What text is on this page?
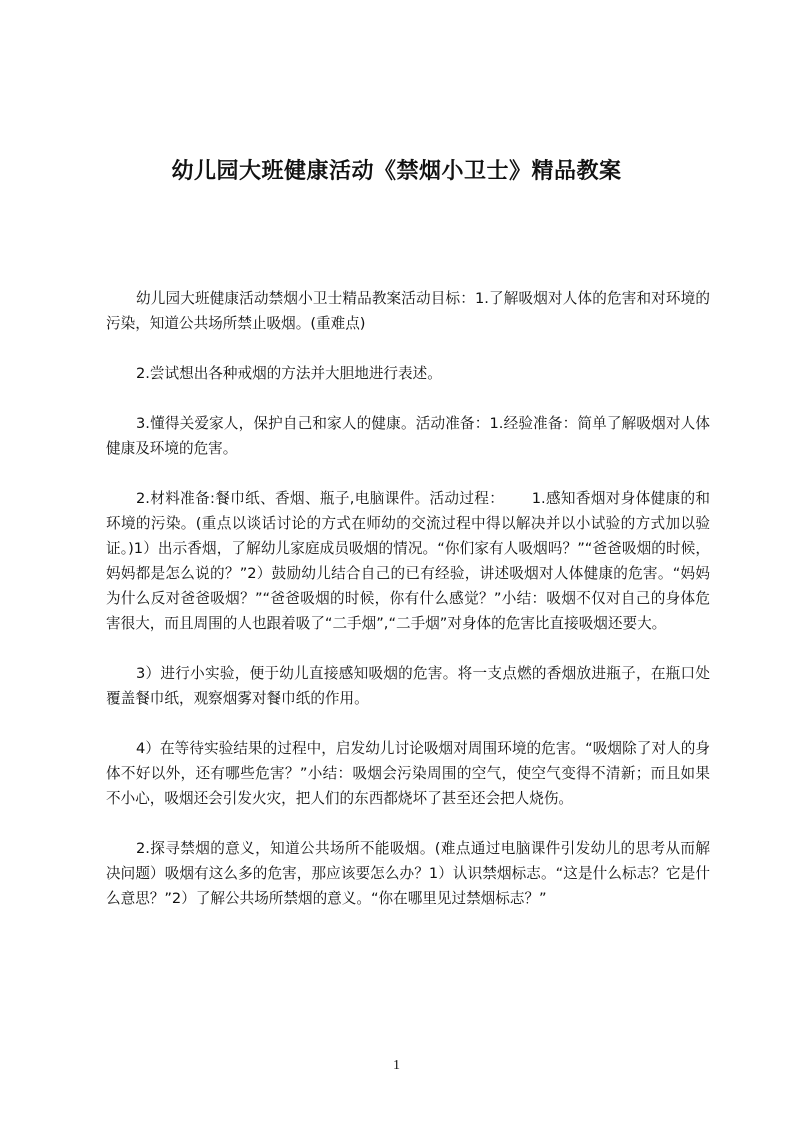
幼儿园大班健康活动《禁烟小卫士》精品教案

幼儿园大班健康活动禁烟小卫士精品教案活动目标：1.了解吸烟对人体的危害和对环境的污染，知道公共场所禁止吸烟。(重难点)

2.尝试想出各种戒烟的方法并大胆地进行表述。

3.懂得关爱家人，保护自己和家人的健康。活动准备：1.经验准备：简单了解吸烟对人体健康及环境的危害。

2.材料准备:餐巾纸、香烟、瓶子,电脑课件。活动过程：　　 1.感知香烟对身体健康的和环境的污染。(重点以谈话讨论的方式在师幼的交流过程中得以解决并以小试验的方式加以验证。)1）出示香烟，了解幼儿家庭成员吸烟的情况。“你们家有人吸烟吗？”“爸爸吸烟的时候，妈妈都是怎么说的？”2）鼓励幼儿结合自己的已有经验，讲述吸烟对人体健康的危害。“妈妈为什么反对爸爸吸烟？”“爸爸吸烟的时候，你有什么感觉？”小结：吸烟不仅对自己的身体危害很大，而且周围的人也跟着吸了“二手烟”,“二手烟”对身体的危害比直接吸烟还要大。

3）进行小实验，便于幼儿直接感知吸烟的危害。将一支点燃的香烟放进瓶子，在瓶口处覆盖餐巾纸，观察烟雾对餐巾纸的作用。

4）在等待实验结果的过程中，启发幼儿讨论吸烟对周围环境的危害。“吸烟除了对人的身体不好以外，还有哪些危害？”小结：吸烟会污染周围的空气，使空气变得不清新；而且如果不小心，吸烟还会引发火灾，把人们的东西都烧坏了甚至还会把人烧伤。

2.探寻禁烟的意义，知道公共场所不能吸烟。(难点通过电脑课件引发幼儿的思考从而解决问题）吸烟有这么多的危害，那应该要怎么办？1）认识禁烟标志。“这是什么标志？它是什么意思？”2）了解公共场所禁烟的意义。“你在哪里见过禁烟标志？”

1
